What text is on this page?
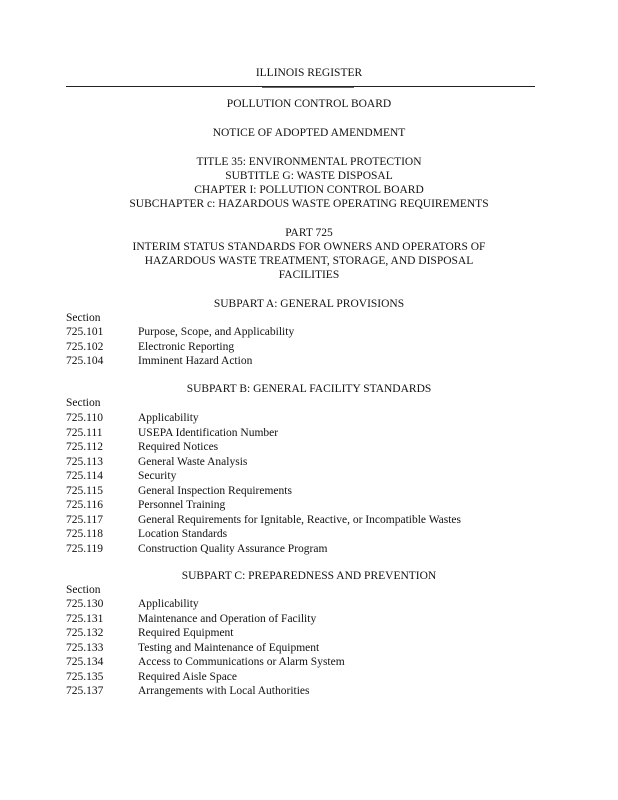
ILLINOIS REGISTER
POLLUTION CONTROL BOARD
NOTICE OF ADOPTED AMENDMENT
TITLE 35: ENVIRONMENTAL PROTECTION
SUBTITLE G: WASTE DISPOSAL
CHAPTER I: POLLUTION CONTROL BOARD
SUBCHAPTER c: HAZARDOUS WASTE OPERATING REQUIREMENTS
PART 725
INTERIM STATUS STANDARDS FOR OWNERS AND OPERATORS OF
HAZARDOUS WASTE TREATMENT, STORAGE, AND DISPOSAL
FACILITIES
SUBPART A: GENERAL PROVISIONS
Section
725.101	Purpose, Scope, and Applicability
725.102	Electronic Reporting
725.104	Imminent Hazard Action
SUBPART B: GENERAL FACILITY STANDARDS
Section
725.110	Applicability
725.111	USEPA Identification Number
725.112	Required Notices
725.113	General Waste Analysis
725.114	Security
725.115	General Inspection Requirements
725.116	Personnel Training
725.117	General Requirements for Ignitable, Reactive, or Incompatible Wastes
725.118	Location Standards
725.119	Construction Quality Assurance Program
SUBPART C: PREPAREDNESS AND PREVENTION
Section
725.130	Applicability
725.131	Maintenance and Operation of Facility
725.132	Required Equipment
725.133	Testing and Maintenance of Equipment
725.134	Access to Communications or Alarm System
725.135	Required Aisle Space
725.137	Arrangements with Local Authorities
